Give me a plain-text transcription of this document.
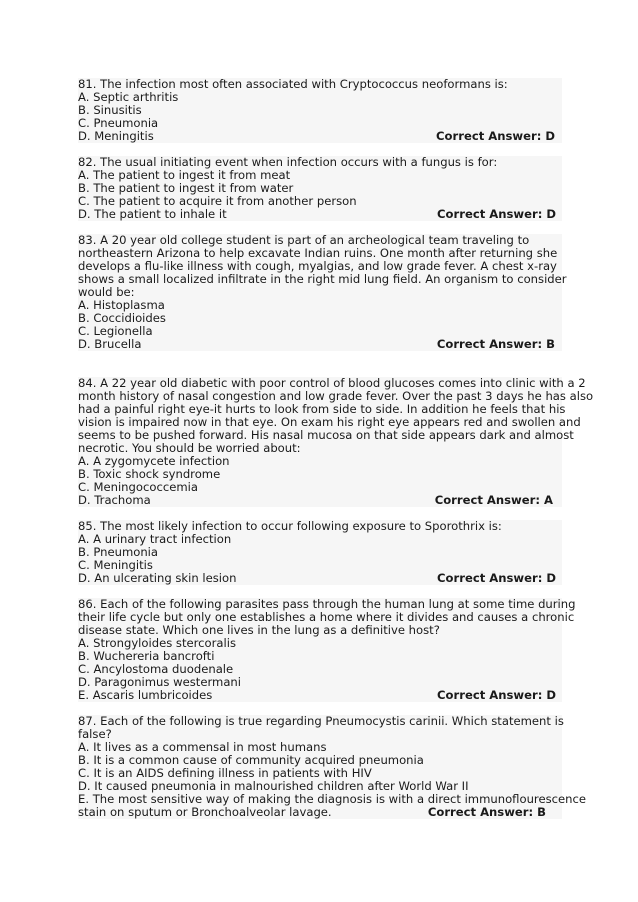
81. The infection most often associated with Cryptococcus neoformans is:
A. Septic arthritis
B. Sinusitis
C. Pneumonia
D. Meningitis	Correct Answer: D
82. The usual initiating event when infection occurs with a fungus is for:
A. The patient to ingest it from meat
B. The patient to ingest it from water
C. The patient to acquire it from another person
D. The patient to inhale it	Correct Answer: D
83. A 20 year old college student is part of an archeological team traveling to
northeastern Arizona to help excavate Indian ruins. One month after returning she
develops a flu-like illness with cough, myalgias, and low grade fever. A chest x-ray
shows a small localized infiltrate in the right mid lung field. An organism to consider
would be:
A. Histoplasma
B. Coccidioides
C. Legionella
D. Brucella	Correct Answer: B
84. A 22 year old diabetic with poor control of blood glucoses comes into clinic with a 2
month history of nasal congestion and low grade fever. Over the past 3 days he has also
had a painful right eye-it hurts to look from side to side. In addition he feels that his
vision is impaired now in that eye. On exam his right eye appears red and swollen and
seems to be pushed forward. His nasal mucosa on that side appears dark and almost
necrotic. You should be worried about:
A. A zygomycete infection
B. Toxic shock syndrome
C. Meningococcemia
D. Trachoma	Correct Answer: A
85. The most likely infection to occur following exposure to Sporothrix is:
A. A urinary tract infection
B. Pneumonia
C. Meningitis
D. An ulcerating skin lesion	Correct Answer: D
86. Each of the following parasites pass through the human lung at some time during
their life cycle but only one establishes a home where it divides and causes a chronic
disease state. Which one lives in the lung as a definitive host?
A. Strongyloides stercoralis
B. Wuchereria bancrofti
C. Ancylostoma duodenale
D. Paragonimus westermani
E. Ascaris lumbricoides	Correct Answer: D
87. Each of the following is true regarding Pneumocystis carinii. Which statement is
false?
A. It lives as a commensal in most humans
B. It is a common cause of community acquired pneumonia
C. It is an AIDS defining illness in patients with HIV
D. It caused pneumonia in malnourished children after World War II
E. The most sensitive way of making the diagnosis is with a direct immunoflourescence
stain on sputum or Bronchoalveolar lavage.	Correct Answer: B
